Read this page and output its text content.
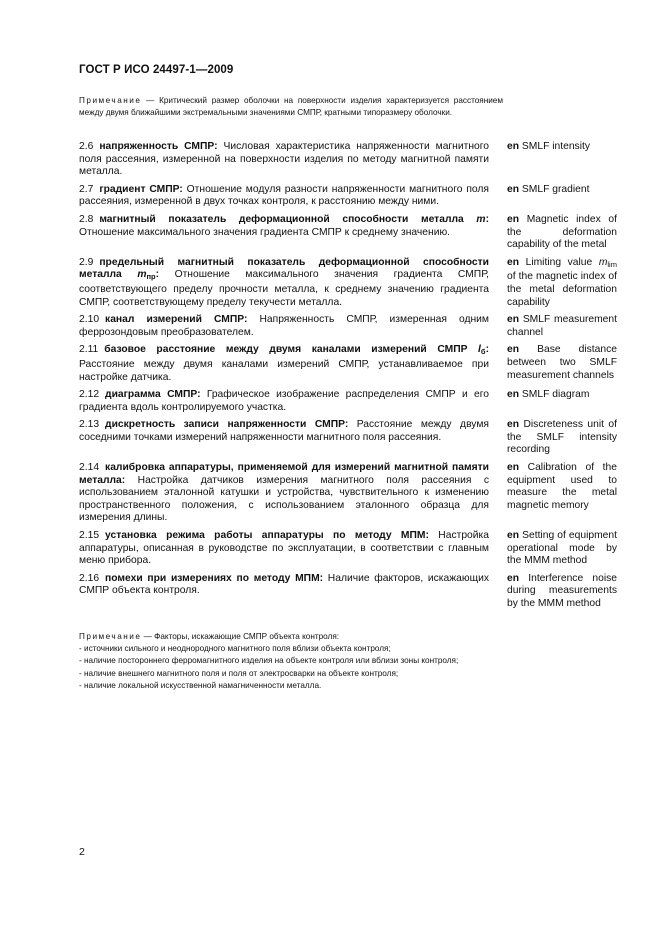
ГОСТ Р ИСО 24497-1—2009
Примечание — Критический размер оболочки на поверхности изделия характеризуется расстоянием между двумя ближайшими экстремальными значениями СМПР, кратными типоразмеру оболочки.
2.6 напряженность СМПР: Числовая характеристика напряженности магнитного поля рассеяния, измеренной на поверхности изделия по методу магнитной памяти металла.
en SMLF intensity
2.7 градиент СМПР: Отношение модуля разности напряженности магнитного поля рассеяния, измеренной в двух точках контроля, к расстоянию между ними.
en SMLF gradient
2.8 магнитный показатель деформационной способности металла m: Отношение максимального значения градиента СМПР к среднему значению.
en Magnetic index of the deformation capability of the metal
2.9 предельный магнитный показатель деформационной способности металла $m_{пр}$: Отношение максимального значения градиента СМПР, соответствующего пределу прочности металла, к среднему значению градиента СМПР, соответствующему пределу текучести металла.
en Limiting value $m_{lim}$ of the magnetic index of the metal deformation capability
2.10 канал измерений СМПР: Напряженность СМПР, измеренная одним феррозондовым преобразователем.
en SMLF measurement channel
2.11 базовое расстояние между двумя каналами измерений СМПР $l_б$: Расстояние между двумя каналами измерений СМПР, устанавливаемое при настройке датчика.
en Base distance between two SMLF measurement channels
2.12 диаграмма СМПР: Графическое изображение распределения СМПР и его градиента вдоль контролируемого участка.
en SMLF diagram
2.13 дискретность записи напряженности СМПР: Расстояние между двумя соседними точками измерений напряженности магнитного поля рассеяния.
en Discreteness unit of the SMLF intensity recording
2.14 калибровка аппаратуры, применяемой для измерений магнитной памяти металла: Настройка датчиков измерения магнитного поля рассеяния с использованием эталонной катушки и устройства, чувствительного к изменению пространственного положения, с использованием эталонного образца для измерения длины.
en Calibration of the equipment used to measure the metal magnetic memory
2.15 установка режима работы аппаратуры по методу МПМ: Настройка аппаратуры, описанная в руководстве по эксплуатации, в соответствии с главным меню прибора.
en Setting of equipment operational mode by the MMM method
2.16 помехи при измерениях по методу МПМ: Наличие факторов, искажающих СМПР объекта контроля.
en Interference noise during measurements by the MMM method
Примечание — Факторы, искажающие СМПР объекта контроля:
- источники сильного и неоднородного магнитного поля вблизи объекта контроля;
- наличие постороннего ферромагнитного изделия на объекте контроля или вблизи зоны контроля;
- наличие внешнего магнитного поля и поля от электросварки на объекте контроля;
- наличие локальной искусственной намагниченности металла.
2
